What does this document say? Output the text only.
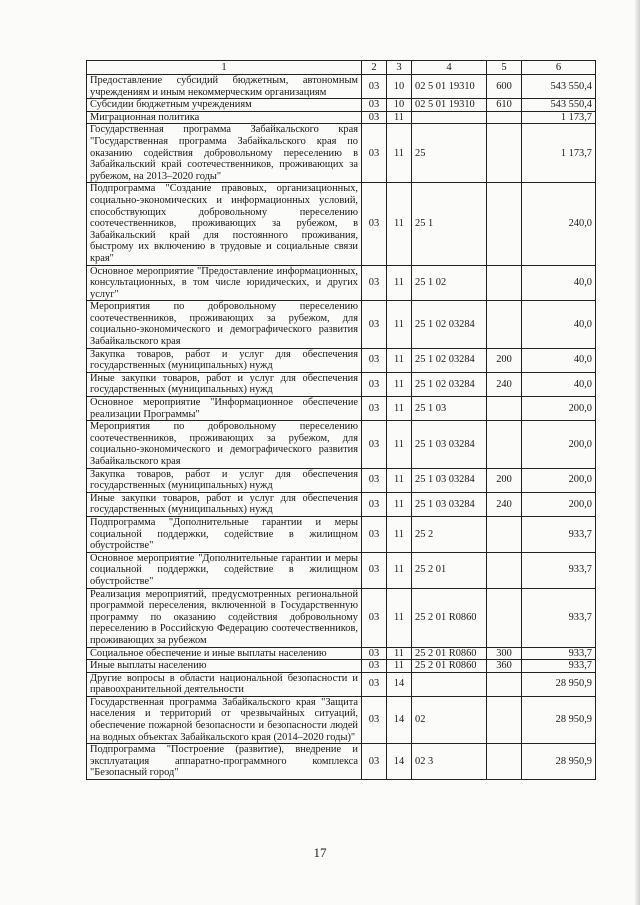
1	2	3	4	5	6
Предоставление субсидий бюджетным, автономным учреждениям и иным некоммерческим организациям	03	10	02 5 01 19310	600	543 550,4
Субсидии бюджетным учреждениям	03	10	02 5 01 19310	610	543 550,4
Миграционная политика	03	11			1 173,7
Государственная программа Забайкальского края "Государственная программа Забайкальского края по оказанию содействия добровольному переселению в Забайкальский край соотечественников, проживающих за рубежом, на 2013–2020 годы"	03	11	25		1 173,7
Подпрограмма "Создание правовых, организационных, социально-экономических и информационных условий, способствующих добровольному переселению соотечественников, проживающих за рубежом, в Забайкальский край для постоянного проживания, быстрому их включению в трудовые и социальные связи края"	03	11	25 1		240,0
Основное мероприятие "Предоставление информационных, консультационных, в том числе юридических, и других услуг"	03	11	25 1 02		40,0
Мероприятия по добровольному переселению соотечественников, проживающих за рубежом, для социально-экономического и демографического развития Забайкальского края	03	11	25 1 02 03284		40,0
Закупка товаров, работ и услуг для обеспечения государственных (муниципальных) нужд	03	11	25 1 02 03284	200	40,0
Иные закупки товаров, работ и услуг для обеспечения государственных (муниципальных) нужд	03	11	25 1 02 03284	240	40,0
Основное мероприятие "Информационное обеспечение реализации Программы"	03	11	25 1 03		200,0
Мероприятия по добровольному переселению соотечественников, проживающих за рубежом, для социально-экономического и демографического развития Забайкальского края	03	11	25 1 03 03284		200,0
Закупка товаров, работ и услуг для обеспечения государственных (муниципальных) нужд	03	11	25 1 03 03284	200	200,0
Иные закупки товаров, работ и услуг для обеспечения государственных (муниципальных) нужд	03	11	25 1 03 03284	240	200,0
Подпрограмма "Дополнительные гарантии и меры социальной поддержки, содействие в жилищном обустройстве"	03	11	25 2		933,7
Основное мероприятие "Дополнительные гарантии и меры социальной поддержки, содействие в жилищном обустройстве"	03	11	25 2 01		933,7
Реализация мероприятий, предусмотренных региональной программой переселения, включенной в Государственную программу по оказанию содействия добровольному переселению в Российскую Федерацию соотечественников, проживающих за рубежом	03	11	25 2 01 R0860		933,7
Социальное обеспечение и иные выплаты населению	03	11	25 2 01 R0860	300	933,7
Иные выплаты населению	03	11	25 2 01 R0860	360	933,7
Другие вопросы в области национальной безопасности и правоохранительной деятельности	03	14			28 950,9
Государственная программа Забайкальского края "Защита населения и территорий от чрезвычайных ситуаций, обеспечение пожарной безопасности и безопасности людей на водных объектах Забайкальского края (2014–2020 годы)"	03	14	02		28 950,9
Подпрограмма "Построение (развитие), внедрение и эксплуатация аппаратно-программного комплекса "Безопасный город"	03	14	02 3		28 950,9
17
